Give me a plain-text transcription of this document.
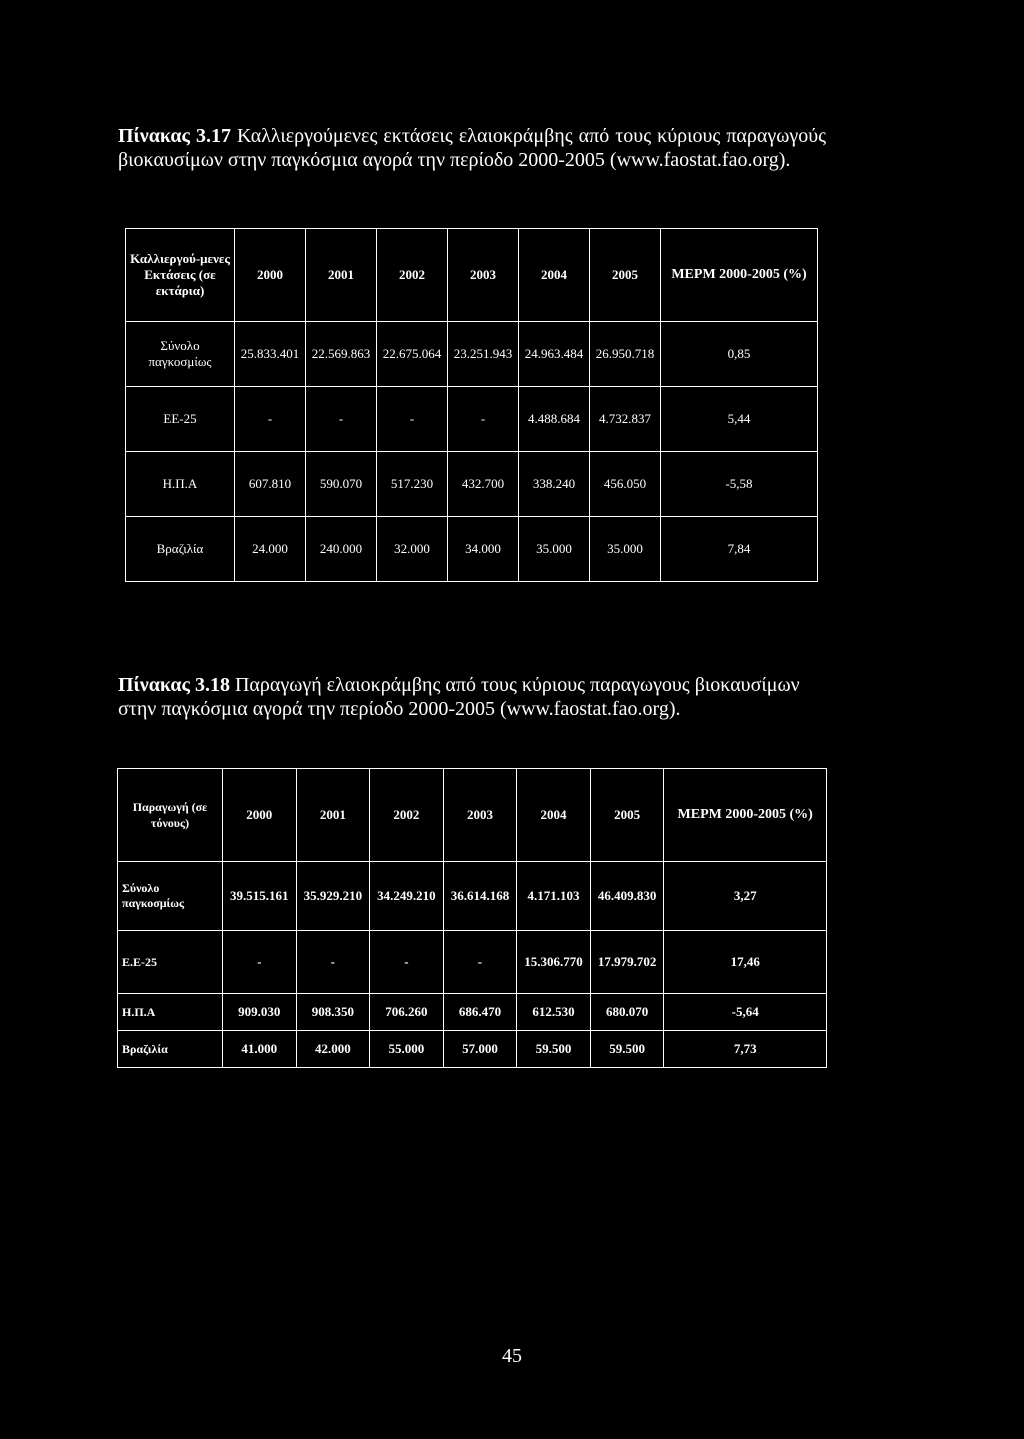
Πίνακας 3.17 Καλλιεργούμενες εκτάσεις ελαιοκράμβης από τους κύριους παραγωγούς βιοκαυσίμων στην παγκόσμια αγορά την περίοδο 2000-2005 (www.faostat.fao.org).
Καλλιεργού-μενες Εκτάσεις (σε εκτάρια)	2000	2001	2002	2003	2004	2005	ΜΕΡΜ 2000-2005 (%)
Σύνολο παγκοσμίως	25.833.401	22.569.863	22.675.064	23.251.943	24.963.484	26.950.718	0,85
ΕΕ-25	-	-	-	-	4.488.684	4.732.837	5,44
Η.Π.Α	607.810	590.070	517.230	432.700	338.240	456.050	-5,58
Βραζιλία	24.000	240.000	32.000	34.000	35.000	35.000	7,84
Πίνακας 3.18 Παραγωγή ελαιοκράμβης από τους κύριους παραγωγους βιοκαυσίμων στην παγκόσμια αγορά την περίοδο 2000-2005 (www.faostat.fao.org).
Παραγωγή (σε τόνους)	2000	2001	2002	2003	2004	2005	ΜΕΡΜ 2000-2005 (%)
Σύνολο παγκοσμίως	39.515.161	35.929.210	34.249.210	36.614.168	4.171.103	46.409.830	3,27
Ε.Ε-25	-	-	-	-	15.306.770	17.979.702	17,46
Η.Π.Α	909.030	908.350	706.260	686.470	612.530	680.070	-5,64
Βραζιλία	41.000	42.000	55.000	57.000	59.500	59.500	7,73
45
